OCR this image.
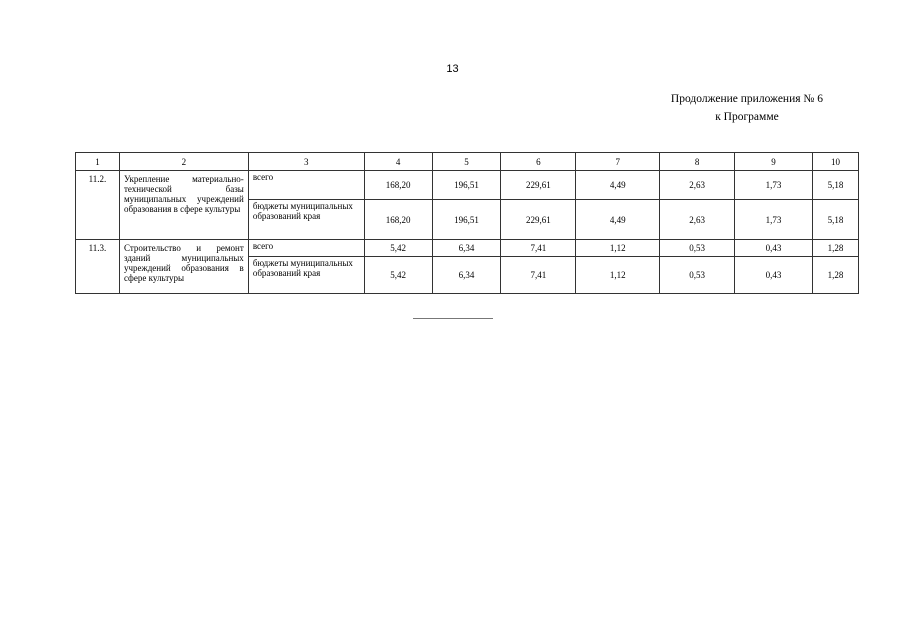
13
Продолжение приложения № 6
к Программе
1	2	3	4	5	6	7	8	9	10
11.2.	Укрепление материально-технической базы муниципальных учреждений образования в сфере культуры	всего	168,20	196,51	229,61	4,49	2,63	1,73	5,18
		бюджеты муниципальных образований края	168,20	196,51	229,61	4,49	2,63	1,73	5,18
11.3.	Строительство и ремонт зданий муниципальных учреждений образования в сфере культуры	всего	5,42	6,34	7,41	1,12	0,53	0,43	1,28
		бюджеты муниципальных образований края	5,42	6,34	7,41	1,12	0,53	0,43	1,28
